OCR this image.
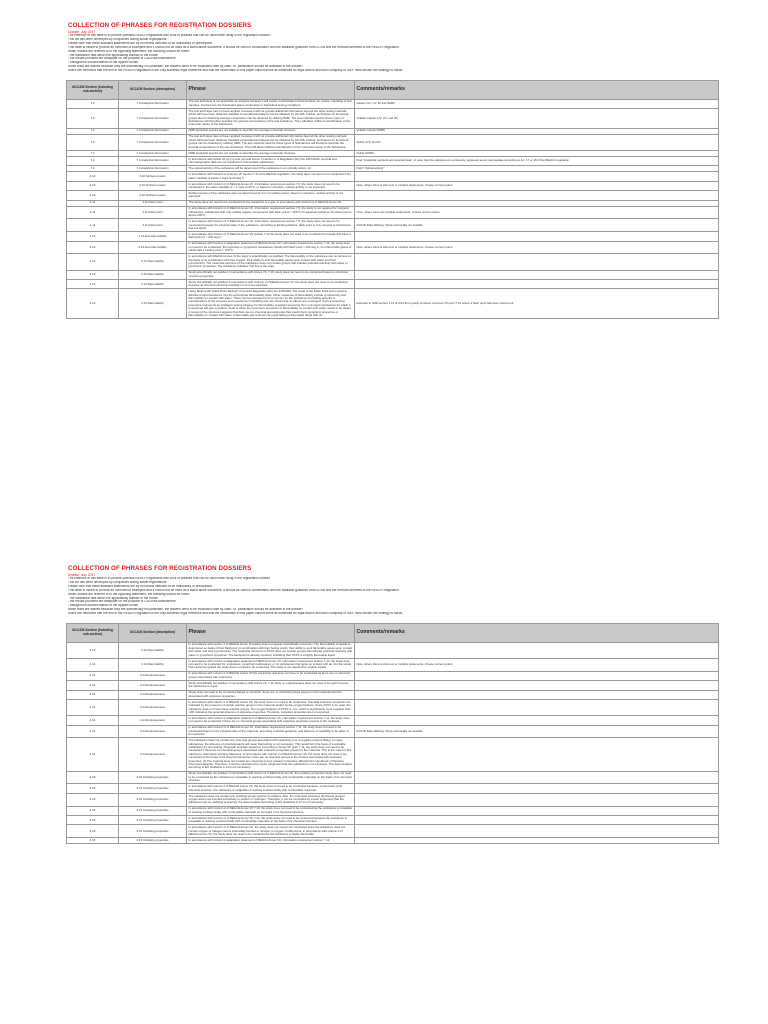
COLLECTION OF PHRASES FOR REGISTRATION DOSSIERS
Update: July 2017
The intention of this table is to provide potential REACH registrants with a list of phrases that can be used when filling in the registration dossier.
This list has been developed by companies during actual registrations.
Please note that these standard statements are by no means intended to be mandatory or prescriptive.
This table is meant to provide an overview of examples and it should not be used as a stand-alone document. It should be used in combination with the available guidance from ECHA and the relevant Annexes of the REACH Regulation.
When models are referred to in the opposing statement, the following should be noted:
- the substance falls within the applicability domain of the model
- the results provided are adequate for the purpose of C&L/Risk Assessment
- background documentation of the applied model
When tests are waived because they are scientifically not justifiable, the waivers need to be evaluated case by case, i.e. justification should be available in the dossier!
Users are reminded that the text of the REACH Regulation is the only authentic legal reference and that the information in this paper cannot serve as substitute for legal advice and each company or SIEF must decide the strategy to follow.
IUCLID6 Section (including sub-section)	IUCLID6 Section (description)	Phrase	Comments/remarks
7.4	7.4 Analytical information	The test technique is not applicable for analysis because it will require sophisticated instrumentation for routine. Handling of test samples. Furthermore the fluorinated gases would arise in hazardous testing conditions.	Gases (UC, UV, IR and NMR)
7.4	7.4 Analytical information	The test technique has not been applied, because it will not provide additional information beyond the other testing methods which will have been obtained. Detailed compositional analysis can be obtained by GC-MS. Further, techniques for functional groups like for obtaining average composition can be obtained by utilising NMR. The test methods used for these types of Substances will therefore describe the general compositions of the test substance. They will allow sufficient identification of the molecular nature of the Substance.	Volatile Liquids (UV, UV, and IR)
7.4	7.4 Analytical information	NMR analytical spectra are not suitable to describe the average molecular structure.	Volatile Liquids (NMR)
7.4	7.4 Analytical information	The test technique has not been applied, because it will not provide additional information beyond the other testing methods which will have been obtained. Detailed compositional analysis can be obtained by GC-MS. Further, techniques for functional groups can be obtained by utilising NMR. The test methods used for these types of Substances will therefore describe the general compositions of the test substance. They will allow sufficient identification of the molecular nature of the Substance.	Solids (UV) and IR
7.4	7.4 Analytical information	NMR analytical spectra are not suitable to describe the average molecular structure.	Solids (NMR)
7.4	7.4 Analytical information	In accordance with Article 10 (a) (vi) and (vii) and Annex VI section 2 of Regulation (EC) No 1907/2006, spectral and chromatographic data are not required for intermediate substances.	Fuel "Analytical methods and spectral data". In case that the substance is exclusively registered as an intermediate according to Art. 17 or 18 of the REACH regulation
7.4	7.4 Analytical information	The optical activity of the substance will be determined if the substance is an optically active; ok.	Field "Optical activity"
4.10	4.10 Surface tension	In accordance with Column 2 of Annex VII Section 7.6 of the REACH regulation, the study does not need to be conducted if the water solubility is below 1 mg/L at 20 deg C.	
4.10	4.10 Surface tension	In accordance with Column 2 of REACH Annex VII, information requirement section 7.6, the study does not need to be conducted if: the water solubility is < 1 mg/L at 20°C, or based on structure, surface activity is not expected.	Note, where there is Also text or multiple statements, choose correct option.
4.10	4.10 Surface tension	Surface tension of the substance was not determined as it is not surface active; based on structure, surface activity is not expected.	
4.11	4.11 Flash point	The study does not need to be conducted as the substance is a gas; in accordance with Column 2 of REACH Annex VII.	
4.11	4.11 Flash point	In accordance with Column 2 of REACH Annex VII, information requirement section 7.9, the study is not required for inorganic substances, substances with only volatile organic components with flash points > 100°C for aqueous solutions, the flash point is above 200°C.	Note, where there are multiple statements, choose correct option.
4.11	4.11 Flash point	In accordance with Column 2 of REACH Annex VII, information requirement section 7.9, the study does not need to be conducted because the physical state of the substance, according to ECHA guidance, flash point is only relevant to substances that are liquid.	IUCLID Data Waiving: Study technically not feasible
4.13	4.13 Auto flammability	In accordance with Column 2 of REACH Annex VII section 7.12 the study does not need to be conducted for liquids that have a flash point of < 200 deg C.	
4.13	4.13 Auto flammability	In accordance with Column 2 adaptation statement of REACH Annex VII, information requirement section 7.12, the study does not need to be conducted: the explosive or pyrophoric substances, liquids with flash point > 200 deg C, non flammable gases or solids with a melting point < 160°C.	Note, where there is Also text or multiple statements, choose correct option.
4.13	4.13 Flammability	In accordance with REACH Annex XI the study is scientifically not justified. The flammability of the substance can be derived on the basis of its combination with free oxygen: their ability to emit flammable gases upon contact with water and their pyrophoricity. The molecular structure of the substance does not contain groups that indicate potential reactivity with water or pyrophoric properties. The substance indicates that this is the case.	
4.13	4.13 Flammability	Study scientifically not justified. In accordance with Annex VII, 7.10, study does not need to be conducted based on chemical structure properties.	
4.13	4.13 Flammability	Study scientifically not justified. In accordance with Column 2 of REACH Annex VII, the study does not need to be conducted because as chemical structure reactivity is not to be expected.	
4.13	4.13 Flammability	Using Method A8 "Flash Point Method" of Council Regulation (EC) No 440/2008. The result of the Flash Point test is used to allocate a liquid substance into the appropriate flammability class. Other measures of flammability include pyrophoricity and flammability on contact with water. These can be considered not a concern for the substance and taking account of considerations of the structure and experience in handling and use shows that no effects are envisaged. Such a screening procedure represents an intelligent testing strategy for flammability. A applied screening from only liquid substances for which it is assumed will give a positive result or when the pyrophoric properties or flammability on contact with water needs to be tested. A review of the structure suggests that there are no chemical groups/groups that would imply pyrophoric properties or flammability on contact with water. A flammable gas is known as a gas having a flammable range with air.	Relevant to fulfill section 4.13 of IUCLID to justify omission of Annex VII point 7.10 where a flash point has been carried out.
COLLECTION OF PHRASES FOR REGISTRATION DOSSIERS
Update: July 2017
The intention of this table is to provide potential REACH registrants with a list of phrases that can be used when filling in the registration dossier.
This list has been developed by companies during actual registrations.
Please note that these standard statements are by no means intended to be mandatory or prescriptive.
This table is meant to provide an overview of examples and it should not be used as a stand-alone document. It should be used in combination with the available guidance from ECHA and the relevant Annexes of the REACH Regulation.
When models are referred to in the opposing statement, the following should be noted:
- the substance falls within the applicability domain of the model
- the results provided are adequate for the purpose of C&L/Risk Assessment
- background documentation of the applied model
When tests are waived because they are scientifically not justifiable, the waivers need to be evaluated case by case, i.e. justification should be available in the dossier!
Users are reminded that the text of the REACH Regulation is the only authentic legal reference and that the information in this paper cannot serve as substitute for legal advice and each company or SIEF must decide the strategy to follow.
IUCLID6 Section (including sub-section)	IUCLID6 Section (description)	Phrase	Comments/remarks
4.13	4.13 Flammability	In accordance with section 1 of REACH Annex XI testing does not appear scientifically necessary. The flammability of liquids is determined on basis of their flashpoint (in combination with their boiling point); their ability to emit flammable gases upon contact with water and their pyrophoricity. The molecular structure of XXXX does not contain groups that indicate potential reactivity with water or pyrophoric properties. The flashpoint is already reported, indicating that XXXX is a highly flammable liquid.	
4.13	4.13 Flammability	In accordance with Column 2 adaptation statement of REACH Annex VII, information requirement section 7.10, the study does not need to be conducted for: explosives, pyrophoric substances, or for substances that ignite on contact with air. For the solids that cannot be ignited the study does not need to be conducted. The study is not required for organic liquids.	Note, where there is Also text or multiple statements, choose correct option.
4.14	4.14 Explosiveness	In accordance with column 2 of REACH Annex VII the explosivity test does not have to be conducted as there are no chemical groups associated with explosivity.	
4.14	4.14 Explosiveness	Study scientifically not justified. In accordance with Annex VII, 7.11 study on explosiveness does not need to be performed as the substance is a gas.	
4.14	4.14 Explosiveness	Study does not need to be conducted based on structure: there are no chemical groups present in the molecule that are associated with explosive properties.	
4.14	4.14 Explosiveness	In accordance with column 2 of REACH Annex VII, the study does not need to be conducted. Potential explosive properties are indicated by the presence of certain reactive groups in the molecule and/or by the oxygen balance. Since XXXX is an ester, the substance does not have these reactive groups. The oxygen balance of XXXX is -xxx, which is significantly more negative than -200 indicating the potential absence of explosive properties. Therefore, explosive properties are not expected.	
4.14	4.14 Explosiveness	In accordance with Column 2 adaptation statement of REACH Annex VII, information requirement section 7.11, the study does not need to be conducted if there are no chemical groups associated with explosive properties present in the molecule.	
4.14	4.14 Explosiveness	In accordance with Column 2 of REACH Annex VII, information requirement section 7.11, the study does not need to be conducted based on the physical state of the molecule; according to ECHA guidance, and absence of capability to be taken to be explosive.	IUCLID Data Waiving: Study technically not feasible
4.14	4.14 Explosiveness	The substance does not contain any chemical groups associated with explosivity (nor a negative result is likely). In many substances, the absence of structural alerts will mean that testing is not necessary. This would form the basis of a waivable justification for non-testing. Proposal/ template sentence: According to Annex VII point 7.11, the study does not need to be conducted if there are no chemical groups associated with explosive properties present in the molecule. This is the case for this substance. Alternative wording statement: In accordance with column 2 of REACH Annex VII, the study does not need to be conducted on the basis of its chemical structures; there are no chemical groups in the product associated with explosive properties. (ii) The material does not contain any chemical groups present in literature (Bretherick's Handbook of Reactive Chemical Hazards). Therefore, it can be considered by expert judgement that this substance is not explosive. The determination according to EC Guideline A.14 is not necessary.	
4.15	4.15 Oxidising properties	Study scientifically not justified. In accordance with column 2 of REACH Annex VII, the oxidising properties study does not need to be conducted as the substance is incapable of reacting exothermically with combustible materials on the basis of its chemical structure.	
4.15	4.15 Oxidising properties	In accordance with column 2 of REACH Annex VII, the study does not need to be conducted because, on the basis of its chemical structure, the substance is incapable of reacting exothermically with combustible materials.	
4.15	4.15 Oxidising properties	The substance does not contain any oxidising groups typical of oxidisers. Also, the (chemical structure) (functional groups) oxygen atoms are bonded exclusively to carbon or hydrogen. Therefore, it can be concluded by expert judgement that the substance has no oxidising properties; the determination according to EC Guideline A.17 is not necessary.	
4.15	4.15 Oxidising properties	In accordance with Column 2 of REACH Annex VII 7.13, the study does not need to be conducted as the substance is incapable of reacting exothermically with combustible materials on the basis of its chemical structure.	
4.15	4.15 Oxidising properties	In accordance with Column 2 of REACH Annex VII 7.13, the study does not need to be conducted because the substance is incapable of reacting exothermically with combustible materials on the basis of its chemical structure.	
4.15	4.15 Oxidising properties	In accordance with Column 2 of REACH Annex VII, the study does not need to be conducted since the substance does not contain oxygen or halogen atoms chemically bonded to nitrogen or oxygen. Furthermore, in accordance with column 2 of REACH Annex VII, the study does not need to be conducted as the substance is highly flammable.	
4.15	4.15 Oxidising properties	In accordance with Column 2 adaptation statement of REACH Annex VII, information requirement section 7.13.	
